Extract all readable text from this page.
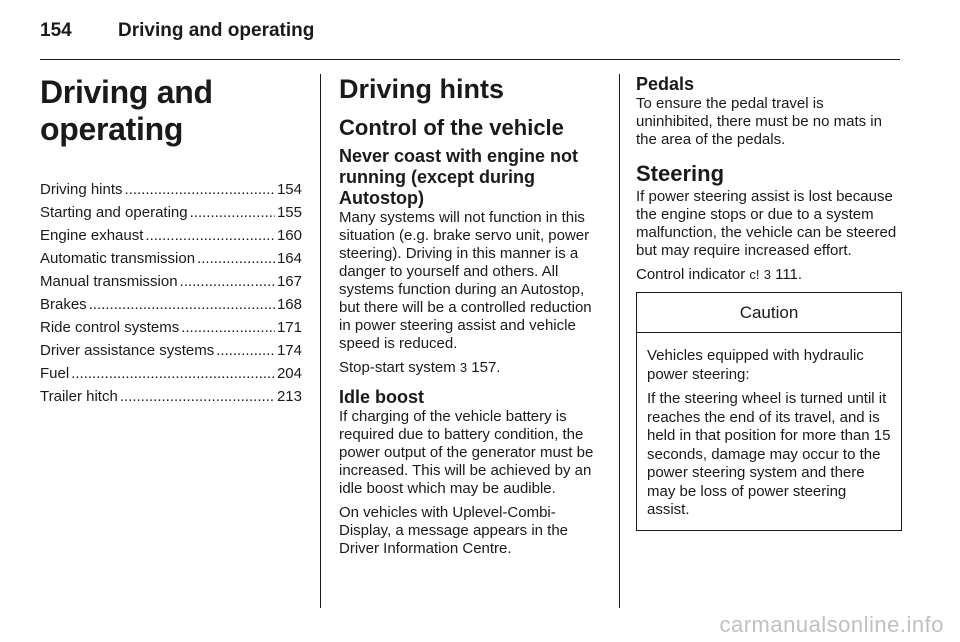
154 Driving and operating
Driving and operating
Driving hints .....	154
Starting and operating .....	155
Engine exhaust .....	160
Automatic transmission .....	164
Manual transmission .....	167
Brakes .....	168
Ride control systems .....	171
Driver assistance systems .....	174
Fuel .....	204
Trailer hitch .....	213
Driving hints
Control of the vehicle
Never coast with engine not running (except during Autostop)

Many systems will not function in this situation (e.g. brake servo unit, power steering). Driving in this manner is a danger to yourself and others. All systems function during an Autostop, but there will be a controlled reduction in power steering assist and vehicle speed is reduced.

Stop-start system 3 157.

Idle boost

If charging of the vehicle battery is required due to battery condition, the power output of the generator must be increased. This will be achieved by an idle boost which may be audible.

On vehicles with Uplevel-Combi-Display, a message appears in the Driver Information Centre.

Pedals

To ensure the pedal travel is uninhibited, there must be no mats in the area of the pedals.

Steering

If power steering assist is lost because the engine stops or due to a system malfunction, the vehicle can be steered but may require increased effort.

Control indicator c! 3 111.

Caution

Vehicles equipped with hydraulic power steering:

If the steering wheel is turned until it reaches the end of its travel, and is held in that position for more than 15 seconds, damage may occur to the power steering system and there may be loss of power steering assist.

carmanualsonline.info
